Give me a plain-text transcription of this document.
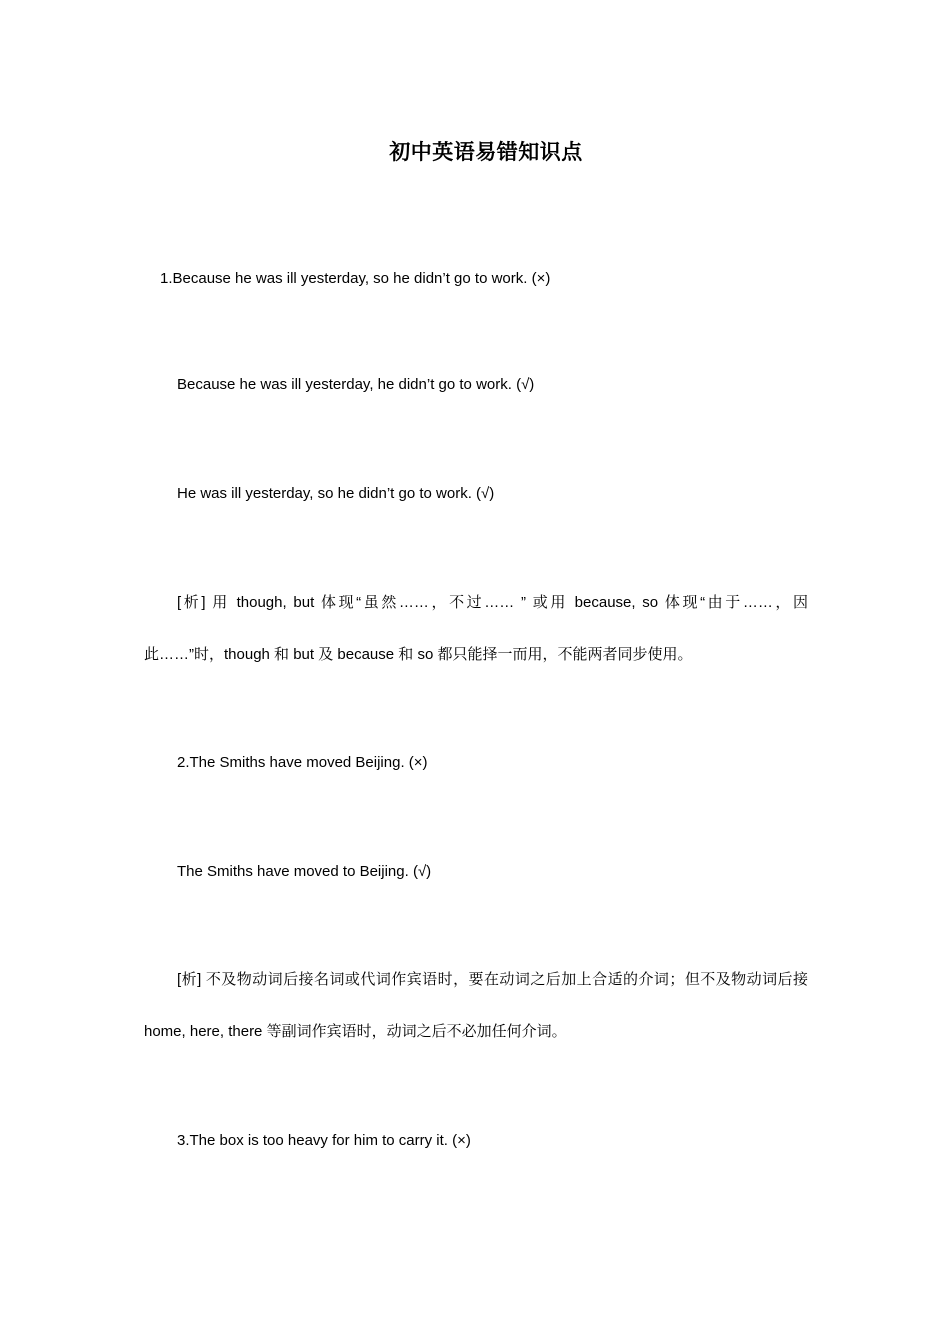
初中英语易错知识点
1.Because he was ill yesterday, so he didn’t go to work. (×)
Because he was ill yesterday, he didn’t go to work. (√)
He was ill yesterday, so he didn’t go to work. (√)
[析] 用 though, but 体现“虽然……，不过…… ” 或用 because, so 体现“由于……，因此……”时，though 和 but 及 because 和 so 都只能择一而用，不能两者同步使用。
2.The Smiths have moved Beijing. (×)
The Smiths have moved to Beijing. (√)
[析] 不及物动词后接名词或代词作宾语时，要在动词之后加上合适的介词；但不及物动词后接 home, here, there 等副词作宾语时，动词之后不必加任何介词。
3.The box is too heavy for him to carry it. (×)
